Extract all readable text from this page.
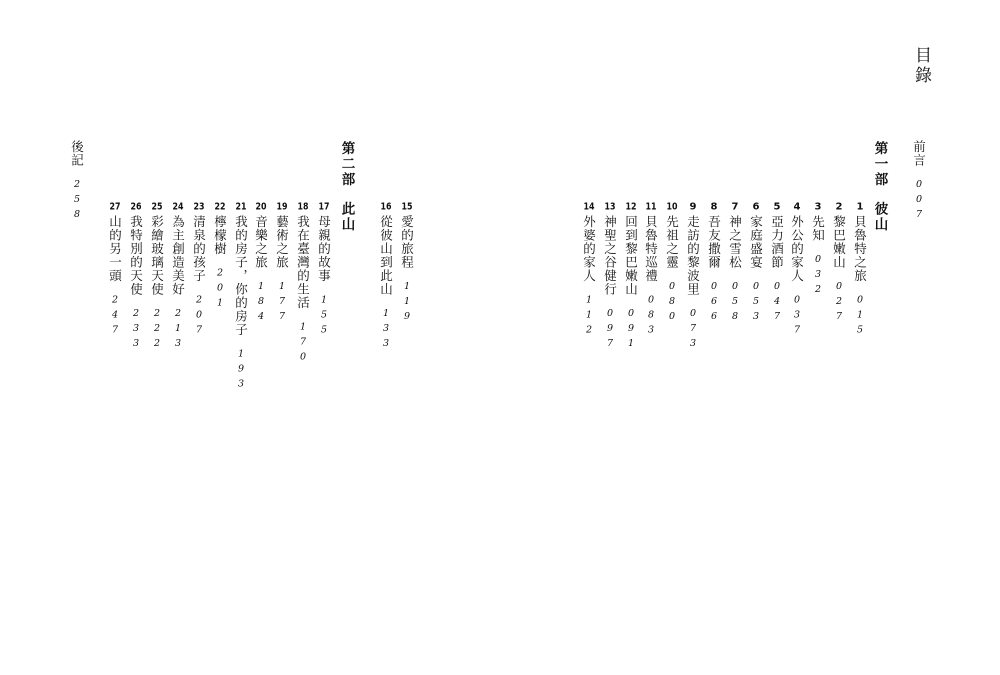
目錄
前言007
第一部彼山
第二部此山
後記258	1貝魯特之旅015
2黎巴嫩山027
3先知032
4外公的家人037
5亞力酒節047
6家庭盛宴053
7神之雪松058
8吾友撒爾066
9走訪的黎波里073
10先祖之靈080
11貝魯特巡禮083
12回到黎巴嫩山091
13神聖之谷健行097
14外婆的家人112
15愛的旅程119
16從彼山到此山133
17母親的故事155
18我在臺灣的生活170
19藝術之旅177
20音樂之旅184
21我的房子，你的房子193
22檸檬樹201
23清泉的孩子207
24為主創造美好213
25彩繪玻璃天使222
26我特別的天使233
27山的另一頭247
